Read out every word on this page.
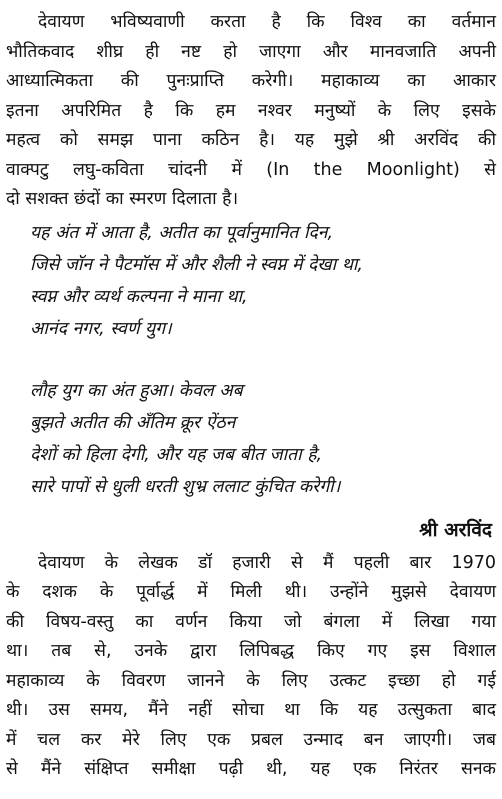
देवायण भविष्यवाणी करता है कि विश्व का वर्तमान
भौतिकवाद शीघ्र ही नष्ट हो जाएगा और मानवजाति अपनी
आध्यात्मिकता की पुनःप्राप्ति करेगी। महाकाव्य का आकार
इतना अपरिमित है कि हम नश्वर मनुष्यों के लिए इसके
महत्व को समझ पाना कठिन है। यह मुझे श्री अरविंद की
वाक्पटु लघु-कविता चांदनी में (In the Moonlight) से
दो सशक्त छंदों का स्मरण दिलाता है।
यह अंत में आता है, अतीत का पूर्वानुमानित दिन,
जिसे जॉन ने पैटमॉस में और शैली ने स्वप्न में देखा था,
स्वप्न और व्यर्थ कल्पना ने माना था,
आनंद नगर, स्वर्ण युग।
लौह युग का अंत हुआ। केवल अब
बुझते अतीत की अँतिम क्रूर ऐंठन
देशों को हिला देगी, और यह जब बीत जाता है,
सारे पापों से धुली धरती शुभ्र ललाट कुंचित करेगी।
श्री अरविंद
देवायण के लेखक डॉ हजारी से मैं पहली बार 1970
के दशक के पूर्वार्द्ध में मिली थी। उन्होंने मुझसे देवायण
की विषय-वस्तु का वर्णन किया जो बंगला में लिखा गया
था। तब से, उनके द्वारा लिपिबद्ध किए गए इस विशाल
महाकाव्य के विवरण जानने के लिए उत्कट इच्छा हो गई
थी। उस समय, मैंने नहीं सोचा था कि यह उत्सुकता बाद
में चल कर मेरे लिए एक प्रबल उन्माद बन जाएगी। जब
से मैंने संक्षिप्त समीक्षा पढ़ी थी, यह एक निरंतर सनक
